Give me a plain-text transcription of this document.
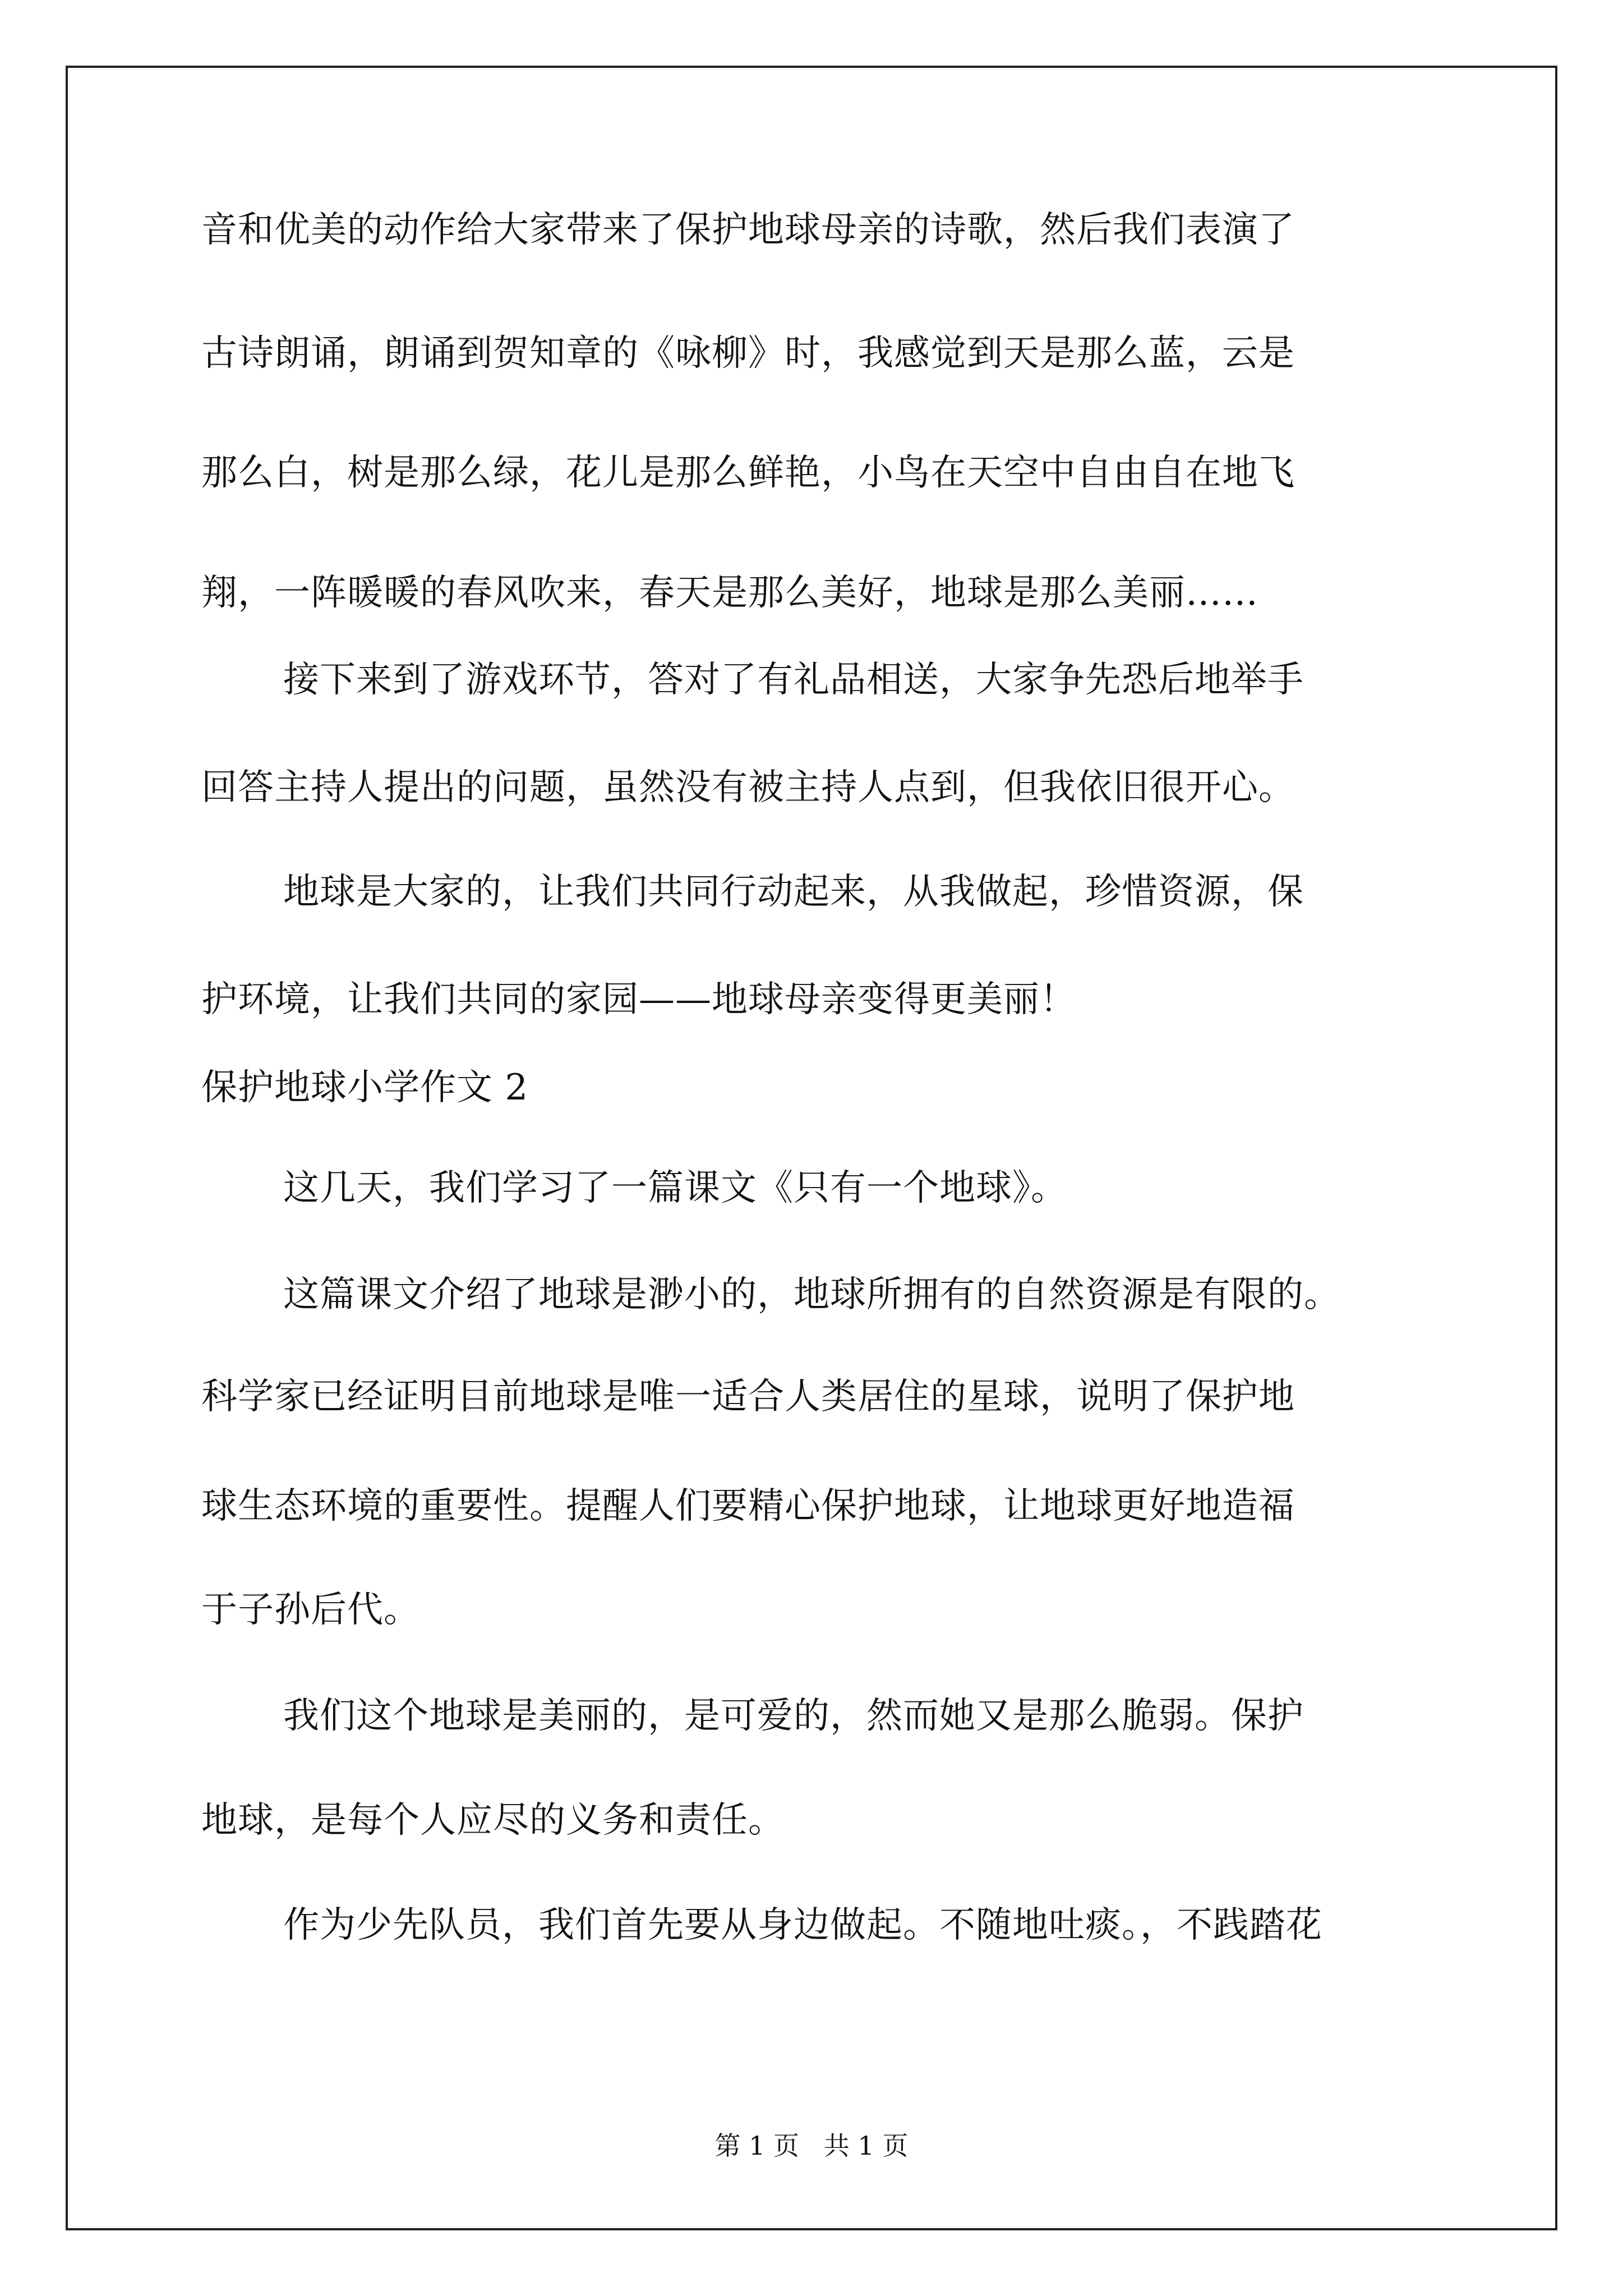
音和优美的动作给大家带来了保护地球母亲的诗歌，然后我们表演了
古诗朗诵，朗诵到贺知章的《咏柳》时，我感觉到天是那么蓝，云是
那么白，树是那么绿，花儿是那么鲜艳，小鸟在天空中自由自在地飞
翔，一阵暖暖的春风吹来，春天是那么美好，地球是那么美丽……
接下来到了游戏环节，答对了有礼品相送，大家争先恐后地举手
回答主持人提出的问题，虽然没有被主持人点到，但我依旧很开心。
地球是大家的，让我们共同行动起来，从我做起，珍惜资源，保
护环境，让我们共同的家园——地球母亲变得更美丽！
保护地球小学作文 2
这几天，我们学习了一篇课文《只有一个地球》。
这篇课文介绍了地球是渺小的，地球所拥有的自然资源是有限的。
科学家已经证明目前地球是唯一适合人类居住的星球，说明了保护地
球生态环境的重要性。提醒人们要精心保护地球，让地球更好地造福
于子孙后代。
我们这个地球是美丽的，是可爱的，然而她又是那么脆弱。保护
地球，是每个人应尽的义务和责任。
作为少先队员，我们首先要从身边做起。不随地吐痰。，不践踏花
第 1 页   共 1 页
